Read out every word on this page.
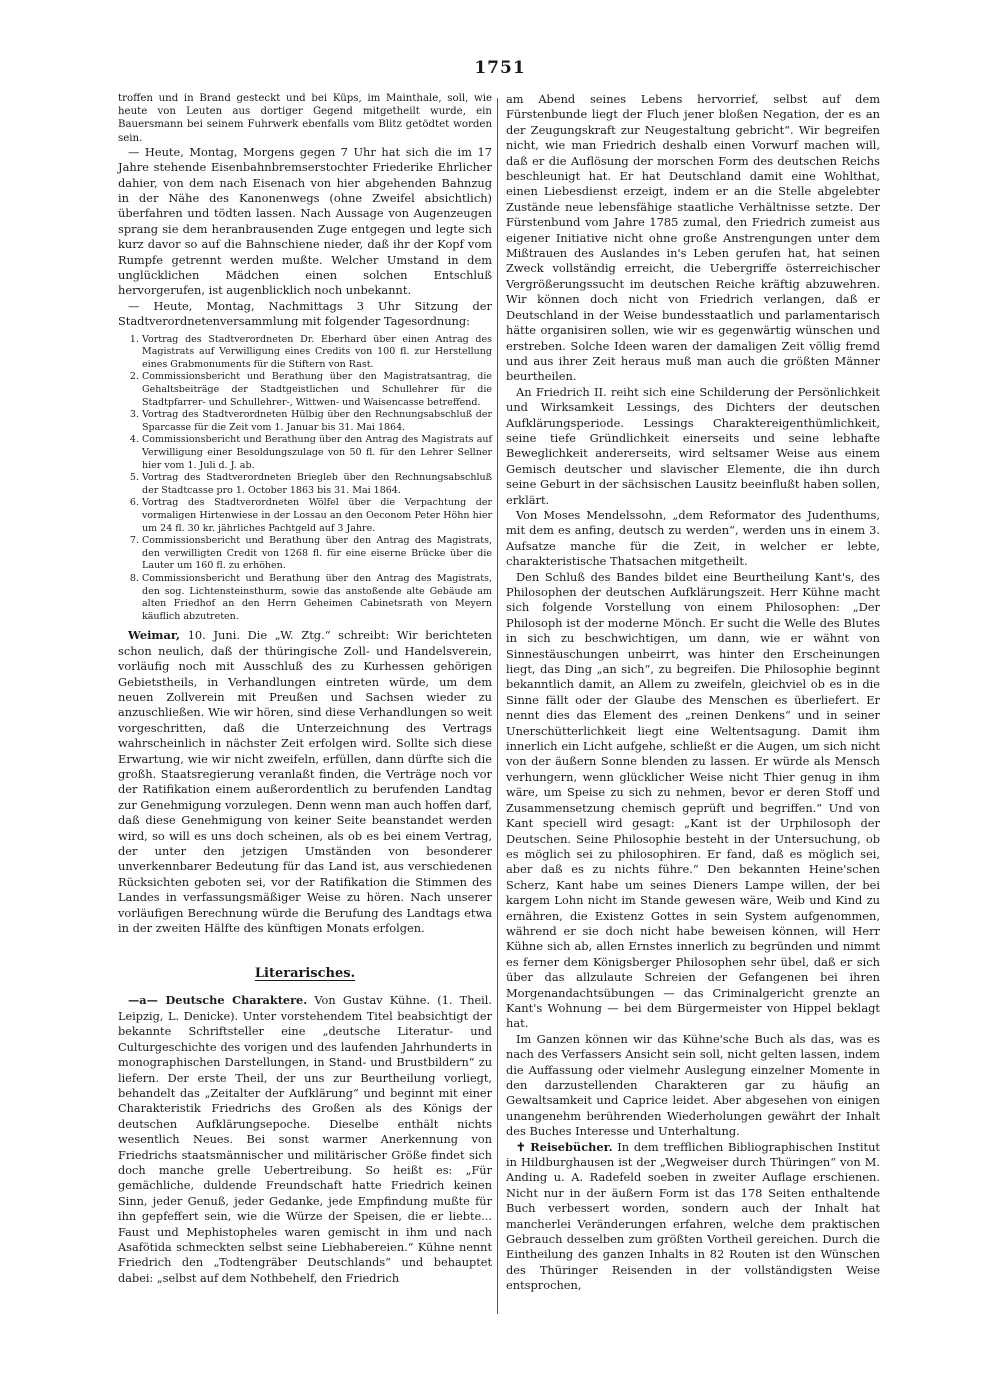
1751

troffen und in Brand gesteckt und bei Küps, im Mainthale, soll, wie heute von Leuten aus dortiger Gegend mitgetheilt wurde, ein Bauersmann bei seinem Fuhrwerk ebenfalls vom Blitz getödtet worden sein.

— Heute, Montag, Morgens gegen 7 Uhr hat sich die im 17 Jahre stehende Eisenbahnbremserstochter Friederike Ehrlicher dahier, von dem nach Eisenach von hier abgehenden Bahnzug in der Nähe des Kanonenwegs (ohne Zweifel absichtlich) überfahren und tödten lassen. Nach Aussage von Augenzeugen sprang sie dem heranbrausenden Zuge entgegen und legte sich kurz davor so auf die Bahnschiene nieder, daß ihr der Kopf vom Rumpfe getrennt werden mußte. Welcher Umstand in dem unglücklichen Mädchen einen solchen Entschluß hervorgerufen, ist augenblicklich noch unbekannt.

— Heute, Montag, Nachmittags 3 Uhr Sitzung der Stadtverordnetenversammlung mit folgender Tagesordnung:

1. Vortrag des Stadtverordneten Dr. Eberhard über einen Antrag des Magistrats auf Verwilligung eines Credits von 100 fl. zur Herstellung eines Grabmonuments für die Stiftern von Rast.
2. Commissionsbericht und Berathung über den Magistratsantrag, die Gehaltsbeiträge der Stadtgeistlichen und Schullehrer für die Stadtpfarrer- und Schullehrer-, Wittwen- und Waisencasse betreffend.
3. Vortrag des Stadtverordneten Hülbig über den Rechnungsabschluß der Sparcasse für die Zeit vom 1. Januar bis 31. Mai 1864.
4. Commissionsbericht und Berathung über den Antrag des Magistrats auf Verwilligung einer Besoldungszulage von 50 fl. für den Lehrer Sellner hier vom 1. Juli d. J. ab.
5. Vortrag des Stadtverordneten Briegleb über den Rechnungsabschluß der Stadtcasse pro 1. October 1863 bis 31. Mai 1864.
6. Vortrag des Stadtverordneten Wölfel über die Verpachtung der vormaligen Hirtenwiese in der Lossau an den Oeconom Peter Höhn hier um 24 fl. 30 kr. jährliches Pachtgeld auf 3 Jahre.
7. Commissionsbericht und Berathung über den Antrag des Magistrats, den verwilligten Credit von 1268 fl. für eine eiserne Brücke über die Lauter um 160 fl. zu erhöhen.
8. Commissionsbericht und Berathung über den Antrag des Magistrats, den sog. Lichtensteinsthurm, sowie das anstoßende alte Gebäude am alten Friedhof an den Herrn Geheimen Cabinetsrath von Meyern käuflich abzutreten.

Weimar, 10. Juni. Die „W. Ztg.“ schreibt: Wir berichteten schon neulich, daß der thüringische Zoll- und Handelsverein, vorläufig noch mit Ausschluß des zu Kurhessen gehörigen Gebietstheils, in Verhandlungen eintreten würde, um dem neuen Zollverein mit Preußen und Sachsen wieder zu anzuschließen. Wie wir hören, sind diese Verhandlungen so weit vorgeschritten, daß die Unterzeichnung des Vertrags wahrscheinlich in nächster Zeit erfolgen wird. Sollte sich diese Erwartung, wie wir nicht zweifeln, erfüllen, dann dürfte sich die großh. Staatsregierung veranlaßt finden, die Verträge noch vor der Ratifikation einem außerordentlich zu berufenden Landtag zur Genehmigung vorzulegen. Denn wenn man auch hoffen darf, daß diese Genehmigung von keiner Seite beanstandet werden wird, so will es uns doch scheinen, als ob es bei einem Vertrag, der unter den jetzigen Umständen von besonderer unverkennbarer Bedeutung für das Land ist, aus verschiedenen Rücksichten geboten sei, vor der Ratifikation die Stimmen des Landes in verfassungsmäßiger Weise zu hören. Nach unserer vorläufigen Berechnung würde die Berufung des Landtags etwa in der zweiten Hälfte des künftigen Monats erfolgen.

Literarisches.

—a— Deutsche Charaktere. Von Gustav Kühne. (1. Theil. Leipzig, L. Denicke). Unter vorstehendem Titel beabsichtigt der bekannte Schriftsteller eine „deutsche Literatur- und Culturgeschichte des vorigen und des laufenden Jahrhunderts in monographischen Darstellungen, in Stand- und Brustbildern“ zu liefern. Der erste Theil, der uns zur Beurtheilung vorliegt, behandelt das „Zeitalter der Aufklärung“ und beginnt mit einer Charakteristik Friedrichs des Großen als des Königs der deutschen Aufklärungsepoche. Dieselbe enthält nichts wesentlich Neues. Bei sonst warmer Anerkennung von Friedrichs staatsmännischer und militärischer Größe findet sich doch manche grelle Uebertreibung. So heißt es: „Für gemächliche, duldende Freundschaft hatte Friedrich keinen Sinn, jeder Genuß, jeder Gedanke, jede Empfindung mußte für ihn gepfeffert sein, wie die Würze der Speisen, die er liebte... Faust und Mephistopheles waren gemischt in ihm und nach Asafötida schmeckten selbst seine Liebhabereien.“ Kühne nennt Friedrich den „Todtengräber Deutschlands“ und behauptet dabei: „selbst auf dem Nothbehelf, den Friedrich

am Abend seines Lebens hervorrief, selbst auf dem Fürstenbunde liegt der Fluch jener bloßen Negation, der es an der Zeugungskraft zur Neugestaltung gebricht“. Wir begreifen nicht, wie man Friedrich deshalb einen Vorwurf machen will, daß er die Auflösung der morschen Form des deutschen Reichs beschleunigt hat. Er hat Deutschland damit eine Wohlthat, einen Liebesdienst erzeigt, indem er an die Stelle abgelebter Zustände neue lebensfähige staatliche Verhältnisse setzte. Der Fürstenbund vom Jahre 1785 zumal, den Friedrich zumeist aus eigener Initiative nicht ohne große Anstrengungen unter dem Mißtrauen des Auslandes in's Leben gerufen hat, hat seinen Zweck vollständig erreicht, die Uebergriffe österreichischer Vergrößerungssucht im deutschen Reiche kräftig abzuwehren. Wir können doch nicht von Friedrich verlangen, daß er Deutschland in der Weise bundesstaatlich und parlamentarisch hätte organisiren sollen, wie wir es gegenwärtig wünschen und erstreben. Solche Ideen waren der damaligen Zeit völlig fremd und aus ihrer Zeit heraus muß man auch die größten Männer beurtheilen.

An Friedrich II. reiht sich eine Schilderung der Persönlichkeit und Wirksamkeit Lessings, des Dichters der deutschen Aufklärungsperiode. Lessings Charaktereigenthümlichkeit, seine tiefe Gründlichkeit einerseits und seine lebhafte Beweglichkeit andererseits, wird seltsamer Weise aus einem Gemisch deutscher und slavischer Elemente, die ihn durch seine Geburt in der sächsischen Lausitz beeinflußt haben sollen, erklärt.

Von Moses Mendelssohn, „dem Reformator des Judenthums, mit dem es anfing, deutsch zu werden“, werden uns in einem 3. Aufsatze manche für die Zeit, in welcher er lebte, charakteristische Thatsachen mitgetheilt.

Den Schluß des Bandes bildet eine Beurtheilung Kant's, des Philosophen der deutschen Aufklärungszeit. Herr Kühne macht sich folgende Vorstellung von einem Philosophen: „Der Philosoph ist der moderne Mönch. Er sucht die Welle des Blutes in sich zu beschwichtigen, um dann, wie er wähnt von Sinnestäuschungen unbeirrt, was hinter den Erscheinungen liegt, das Ding „an sich“, zu begreifen. Die Philosophie beginnt bekanntlich damit, an Allem zu zweifeln, gleichviel ob es in die Sinne fällt oder der Glaube des Menschen es überliefert. Er nennt dies das Element des „reinen Denkens“ und in seiner Unerschütterlichkeit liegt eine Weltentsagung. Damit ihm innerlich ein Licht aufgehe, schließt er die Augen, um sich nicht von der äußern Sonne blenden zu lassen. Er würde als Mensch verhungern, wenn glücklicher Weise nicht Thier genug in ihm wäre, um Speise zu sich zu nehmen, bevor er deren Stoff und Zusammensetzung chemisch geprüft und begriffen.“ Und von Kant speciell wird gesagt: „Kant ist der Urphilosoph der Deutschen. Seine Philosophie besteht in der Untersuchung, ob es möglich sei zu philosophiren. Er fand, daß es möglich sei, aber daß es zu nichts führe.“ Den bekannten Heine'schen Scherz, Kant habe um seines Dieners Lampe willen, der bei kargem Lohn nicht im Stande gewesen wäre, Weib und Kind zu ernähren, die Existenz Gottes in sein System aufgenommen, während er sie doch nicht habe beweisen können, will Herr Kühne sich ab, allen Ernstes innerlich zu begründen und nimmt es ferner dem Königsberger Philosophen sehr übel, daß er sich über das allzulaute Schreien der Gefangenen bei ihren Morgenandachtsübungen — das Criminalgericht grenzte an Kant's Wohnung — bei dem Bürgermeister von Hippel beklagt hat.

Im Ganzen können wir das Kühne'sche Buch als das, was es nach des Verfassers Ansicht sein soll, nicht gelten lassen, indem die Auffassung oder vielmehr Auslegung einzelner Momente in den darzustellenden Charakteren gar zu häufig an Gewaltsamkeit und Caprice leidet. Aber abgesehen von einigen unangenehm berührenden Wiederholungen gewährt der Inhalt des Buches Interesse und Unterhaltung.

✝ Reisebücher. In dem trefflichen Bibliographischen Institut in Hildburghausen ist der „Wegweiser durch Thüringen“ von M. Anding u. A. Radefeld soeben in zweiter Auflage erschienen. Nicht nur in der äußern Form ist das 178 Seiten enthaltende Buch verbessert worden, sondern auch der Inhalt hat mancherlei Veränderungen erfahren, welche dem praktischen Gebrauch desselben zum größten Vortheil gereichen. Durch die Eintheilung des ganzen Inhalts in 82 Routen ist den Wünschen des Thüringer Reisenden in der vollständigsten Weise entsprochen,
